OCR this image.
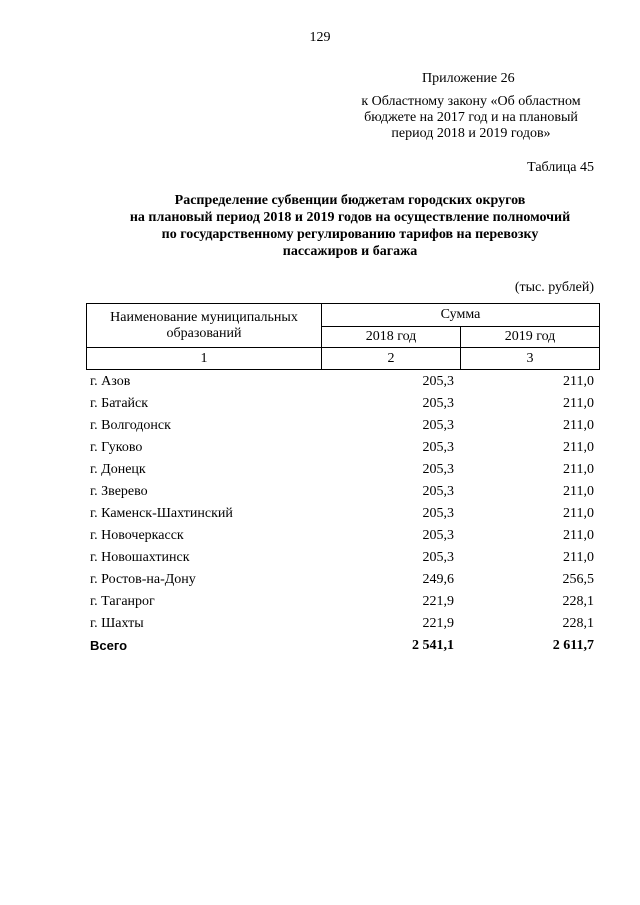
129
Приложение 26
к Областному закону «Об областном
бюджете на 2017 год и на плановый
период 2018 и 2019 годов»
Таблица 45
Распределение субвенции бюджетам городских округов
на плановый период 2018 и 2019 годов на осуществление полномочий
по государственному регулированию тарифов на перевозку
пассажиров и багажа
(тыс. рублей)
Наименование муниципальных
образований	Сумма	
	2018 год	2019 год
1	2	3
г. Азов	205,3	211,0
г. Батайск	205,3	211,0
г. Волгодонск	205,3	211,0
г. Гуково	205,3	211,0
г. Донецк	205,3	211,0
г. Зверево	205,3	211,0
г. Каменск-Шахтинский	205,3	211,0
г. Новочеркасск	205,3	211,0
г. Новошахтинск	205,3	211,0
г. Ростов-на-Дону	249,6	256,5
г. Таганрог	221,9	228,1
г. Шахты	221,9	228,1
Всего	2 541,1	2 611,7
